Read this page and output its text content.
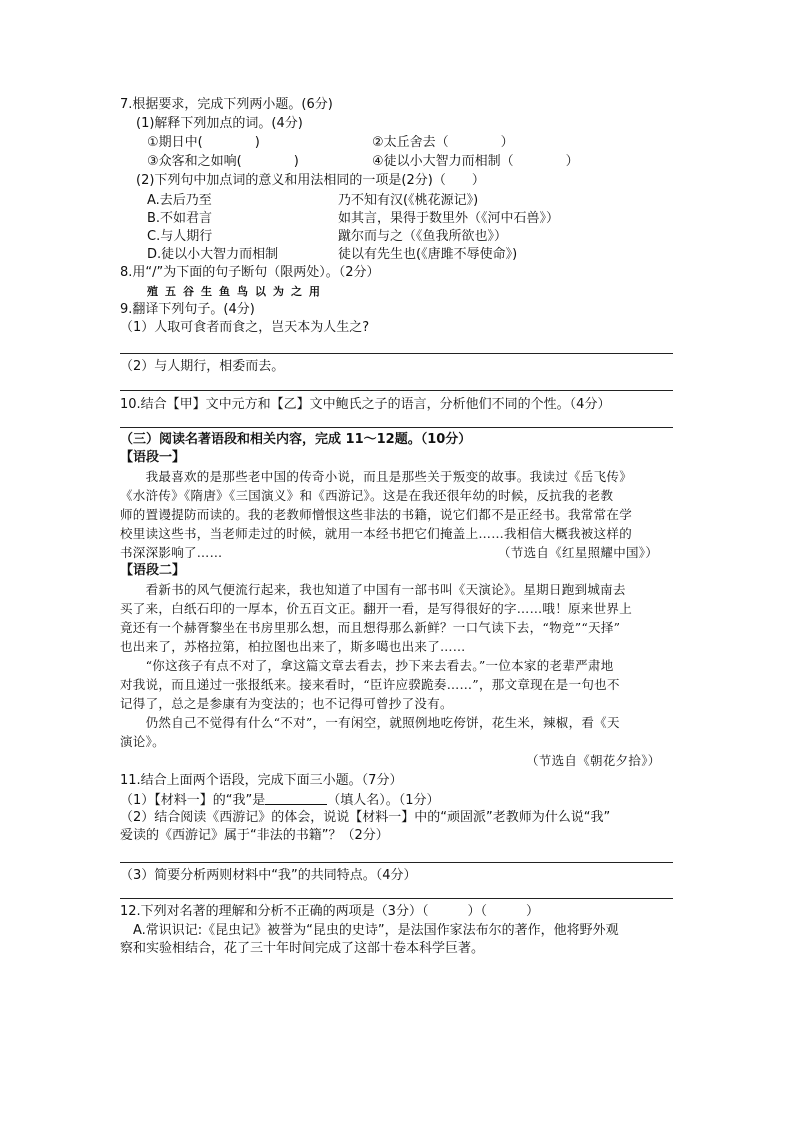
7.根据要求，完成下列两小题。(6分)
(1)解释下列加点的词。(4分)
①期日中(　　　　)	②太丘舍去（　　　　）
③众客和之如响(　　　　)	④徒以小大智力而相制（　　　　）
(2)下列句中加点词的意义和用法相同的一项是(2分)（　　）
A.去后乃至	乃不知有汉(《桃花源记》)
B.不如君言	如其言，果得于数里外（《河中石兽》）
C.与人期行	蹴尔而与之（《鱼我所欲也》）
D.徒以小大智力而相制	徒以有先生也(《唐雎不辱使命》)
8.用“/”为下面的句子断句（限两处）。（2分）
殖五谷生鱼鸟以为之用
9.翻译下列句子。(4分)
（1）人取可食者而食之，岂天本为人生之?
（2）与人期行，相委而去。
10.结合【甲】文中元方和【乙】文中鲍氏之子的语言，分析他们不同的个性。（4分）
（三）阅读名著语段和相关内容，完成 11～12题。（10分）
【语段一】
　　我最喜欢的是那些老中国的传奇小说，而且是那些关于叛变的故事。我读过《岳飞传》
《水浒传》《隋唐》《三国演义》和《西游记》。这是在我还很年幼的时候，反抗我的老教
师的置谩提防而读的。我的老教师憎恨这些非法的书籍，说它们都不是正经书。我常常在学
校里读这些书，当老师走过的时候，就用一本经书把它们掩盖上……我相信大概我被这样的
书深深影响了……	（节选自《红星照耀中国》）
【语段二】
　　看新书的风气便流行起来，我也知道了中国有一部书叫《天演论》。星期日跑到城南去
买了来，白纸石印的一厚本，价五百文正。翻开一看，是写得很好的字……哦！原来世界上
竟还有一个赫胥黎坐在书房里那么想，而且想得那么新鲜？一口气读下去，“物竞”“天择”
也出来了，苏格拉第，柏拉图也出来了，斯多噶也出来了……
　　“你这孩子有点不对了，拿这篇文章去看去，抄下来去看去。”一位本家的老辈严肃地
对我说，而且递过一张报纸来。接来看时，“臣许应骙跪奏……”，那文章现在是一句也不
记得了，总之是参康有为变法的；也不记得可曾抄了没有。
　　仍然自己不觉得有什么“不对”，一有闲空，就照例地吃侉饼，花生米，辣椒，看《天
演论》。
（节选自《朝花夕拾》）
11.结合上面两个语段，完成下面三小题。（7分）
（1）【材料一】的“我”是	（填人名）。（1分）
（2）结合阅读《西游记》的体会，说说【材料一】中的“顽固派”老教师为什么说“我”
爱读的《西游记》属于“非法的书籍”？（2分）
（3）简要分析两则材料中“我”的共同特点。（4分）
12.下列对名著的理解和分析不正确的两项是（3分）（　　　）（　　　）
　A.常识识记:《昆虫记》被誉为“昆虫的史诗”，是法国作家法布尔的著作，他将野外观
察和实验相结合，花了三十年时间完成了这部十卷本科学巨著。
